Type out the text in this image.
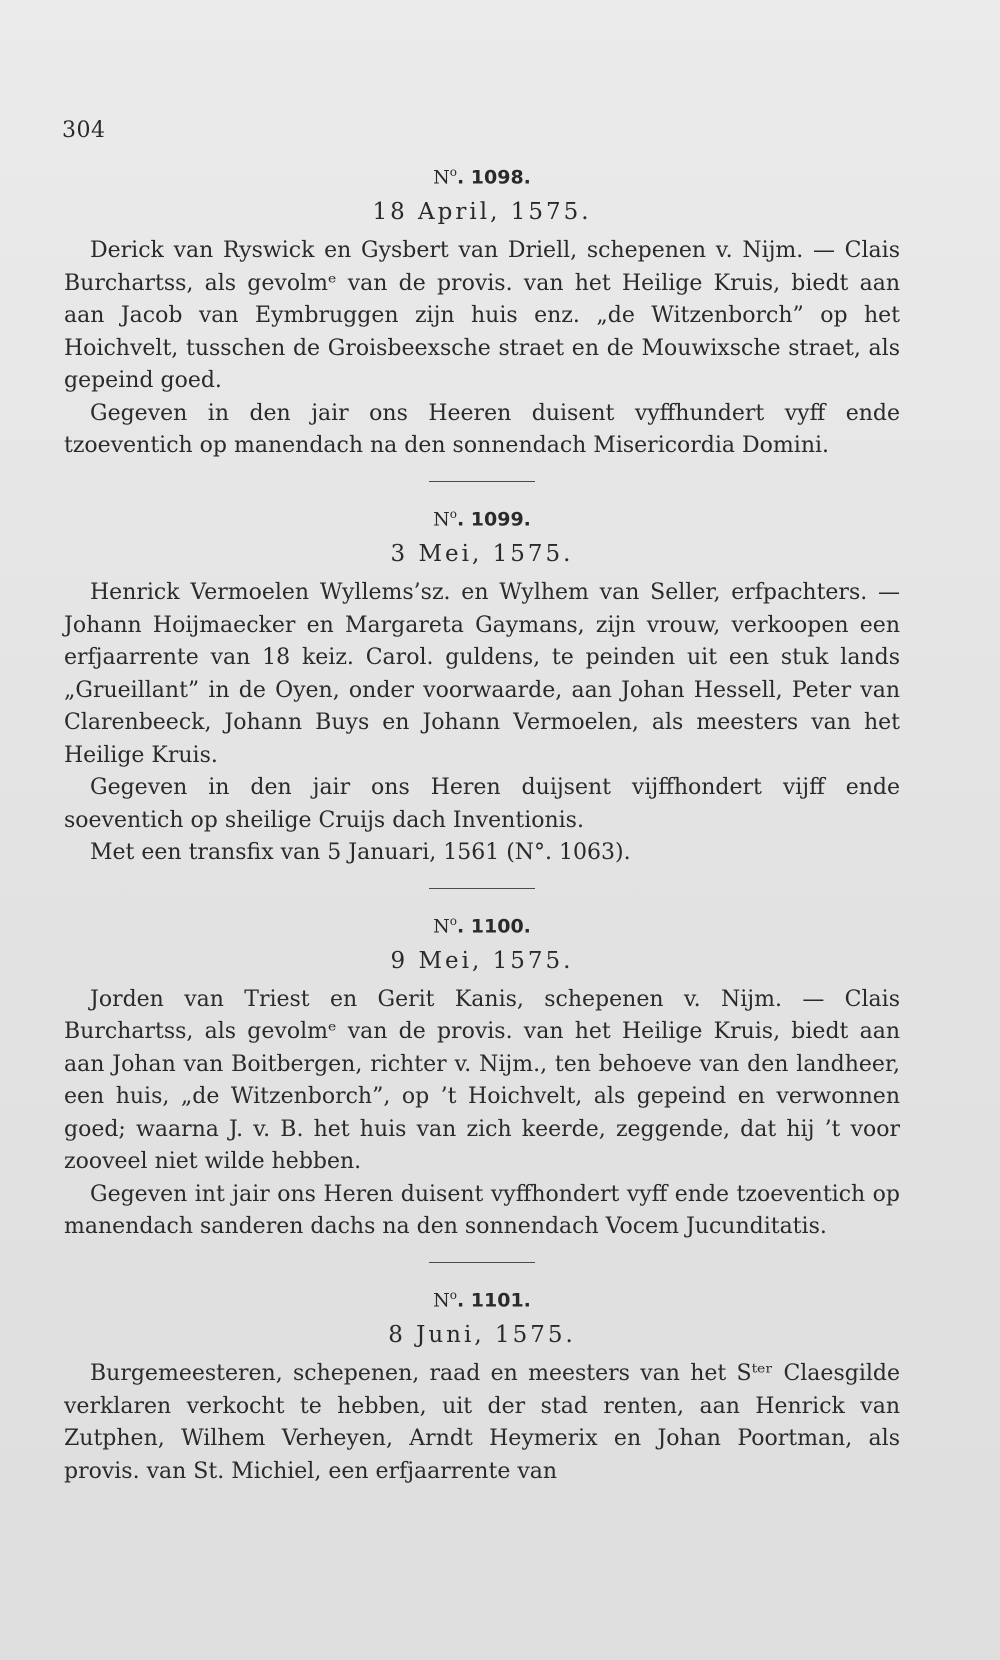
304
$N^o$. 1098.
18 April, 1575.

Derick van Ryswick en Gysbert van Driell, schepenen v. Nijm. — Clais Burchartss, als gevolmᵉ van de provis. van het Heilige Kruis, biedt aan aan Jacob van Eymbruggen zijn huis enz. „de Witzenborch” op het Hoichvelt, tusschen de Groisbeexsche straet en de Mouwixsche straet, als gepeind goed.

Gegeven in den jair ons Heeren duisent vyffhundert vyff ende tzoeventich op manendach na den sonnendach Misericordia Domini.

$N^o$. 1099.
3 Mei, 1575.

Henrick Vermoelen Wyllems’sz. en Wylhem van Seller, erfpachters. — Johann Hoijmaecker en Margareta Gaymans, zijn vrouw, verkoopen een erfjaarrente van 18 keiz. Carol. guldens, te peinden uit een stuk lands „Grueillant” in de Oyen, onder voorwaarde, aan Johan Hessell, Peter van Clarenbeeck, Johann Buys en Johann Vermoelen, als meesters van het Heilige Kruis.

Gegeven in den jair ons Heren duijsent vijffhondert vijff ende soeventich op sheilige Cruijs dach Inventionis.

Met een transfix van 5 Januari, 1561 (N°. 1063).

$N^o$. 1100.
9 Mei, 1575.

Jorden van Triest en Gerit Kanis, schepenen v. Nijm. — Clais Burchartss, als gevolmᵉ van de provis. van het Heilige Kruis, biedt aan aan Johan van Boitbergen, richter v. Nijm., ten behoeve van den landheer, een huis, „de Witzenborch”, op ’t Hoichvelt, als gepeind en verwonnen goed; waarna J. v. B. het huis van zich keerde, zeggende, dat hij ’t voor zooveel niet wilde hebben.

Gegeven int jair ons Heren duisent vyffhondert vyff ende tzoeventich op manendach sanderen dachs na den sonnendach Vocem Jucunditatis.

$N^o$. 1101.
8 Juni, 1575.

Burgemeesteren, schepenen, raad en meesters van het Sᵗᵉʳ Claesgilde verklaren verkocht te hebben, uit der stad renten, aan Henrick van Zutphen, Wilhem Verheyen, Arndt Heymerix en Johan Poortman, als provis. van St. Michiel, een erfjaarrente van
